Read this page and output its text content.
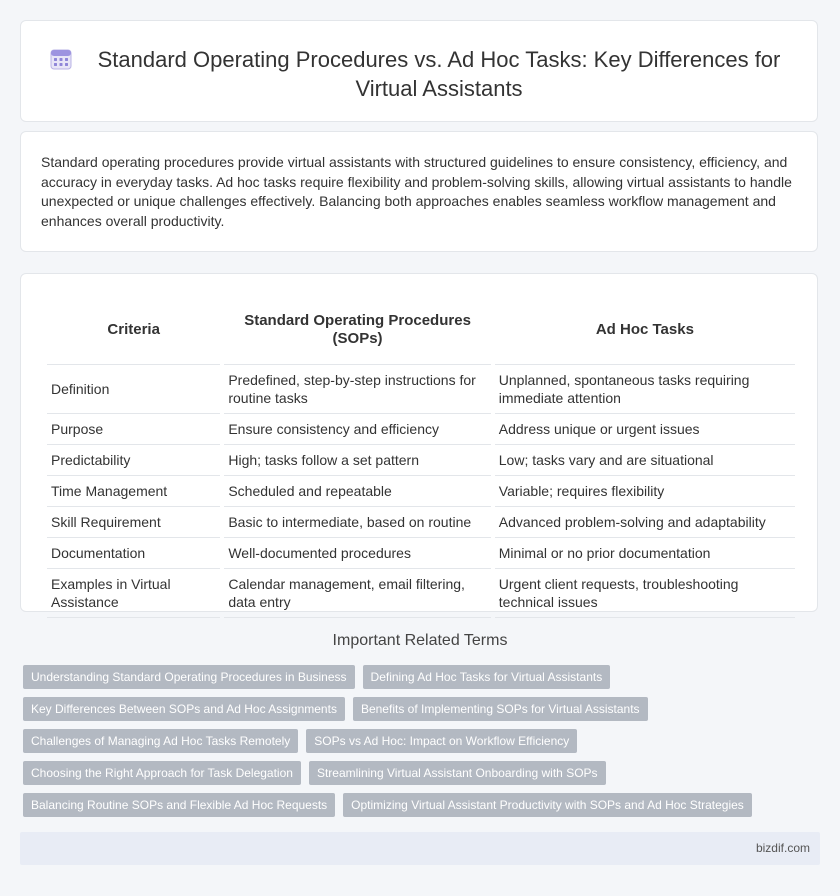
Standard Operating Procedures vs. Ad Hoc Tasks: Key Differences for Virtual Assistants

Standard operating procedures provide virtual assistants with structured guidelines to ensure consistency, efficiency, and accuracy in everyday tasks. Ad hoc tasks require flexibility and problem-solving skills, allowing virtual assistants to handle unexpected or unique challenges effectively. Balancing both approaches enables seamless workflow management and enhances overall productivity.

Criteria	Standard Operating Procedures (SOPs)	Ad Hoc Tasks
Definition	Predefined, step-by-step instructions for routine tasks	Unplanned, spontaneous tasks requiring immediate attention
Purpose	Ensure consistency and efficiency	Address unique or urgent issues
Predictability	High; tasks follow a set pattern	Low; tasks vary and are situational
Time Management	Scheduled and repeatable	Variable; requires flexibility
Skill Requirement	Basic to intermediate, based on routine	Advanced problem-solving and adaptability
Documentation	Well-documented procedures	Minimal or no prior documentation
Examples in Virtual Assistance	Calendar management, email filtering, data entry	Urgent client requests, troubleshooting technical issues
Important Related Terms
Understanding Standard Operating Procedures in Business	Defining Ad Hoc Tasks for Virtual Assistants
Key Differences Between SOPs and Ad Hoc Assignments	Benefits of Implementing SOPs for Virtual Assistants
Challenges of Managing Ad Hoc Tasks Remotely	SOPs vs Ad Hoc: Impact on Workflow Efficiency
Choosing the Right Approach for Task Delegation	Streamlining Virtual Assistant Onboarding with SOPs
Balancing Routine SOPs and Flexible Ad Hoc Requests	Optimizing Virtual Assistant Productivity with SOPs and Ad Hoc Strategies
bizdif.com
